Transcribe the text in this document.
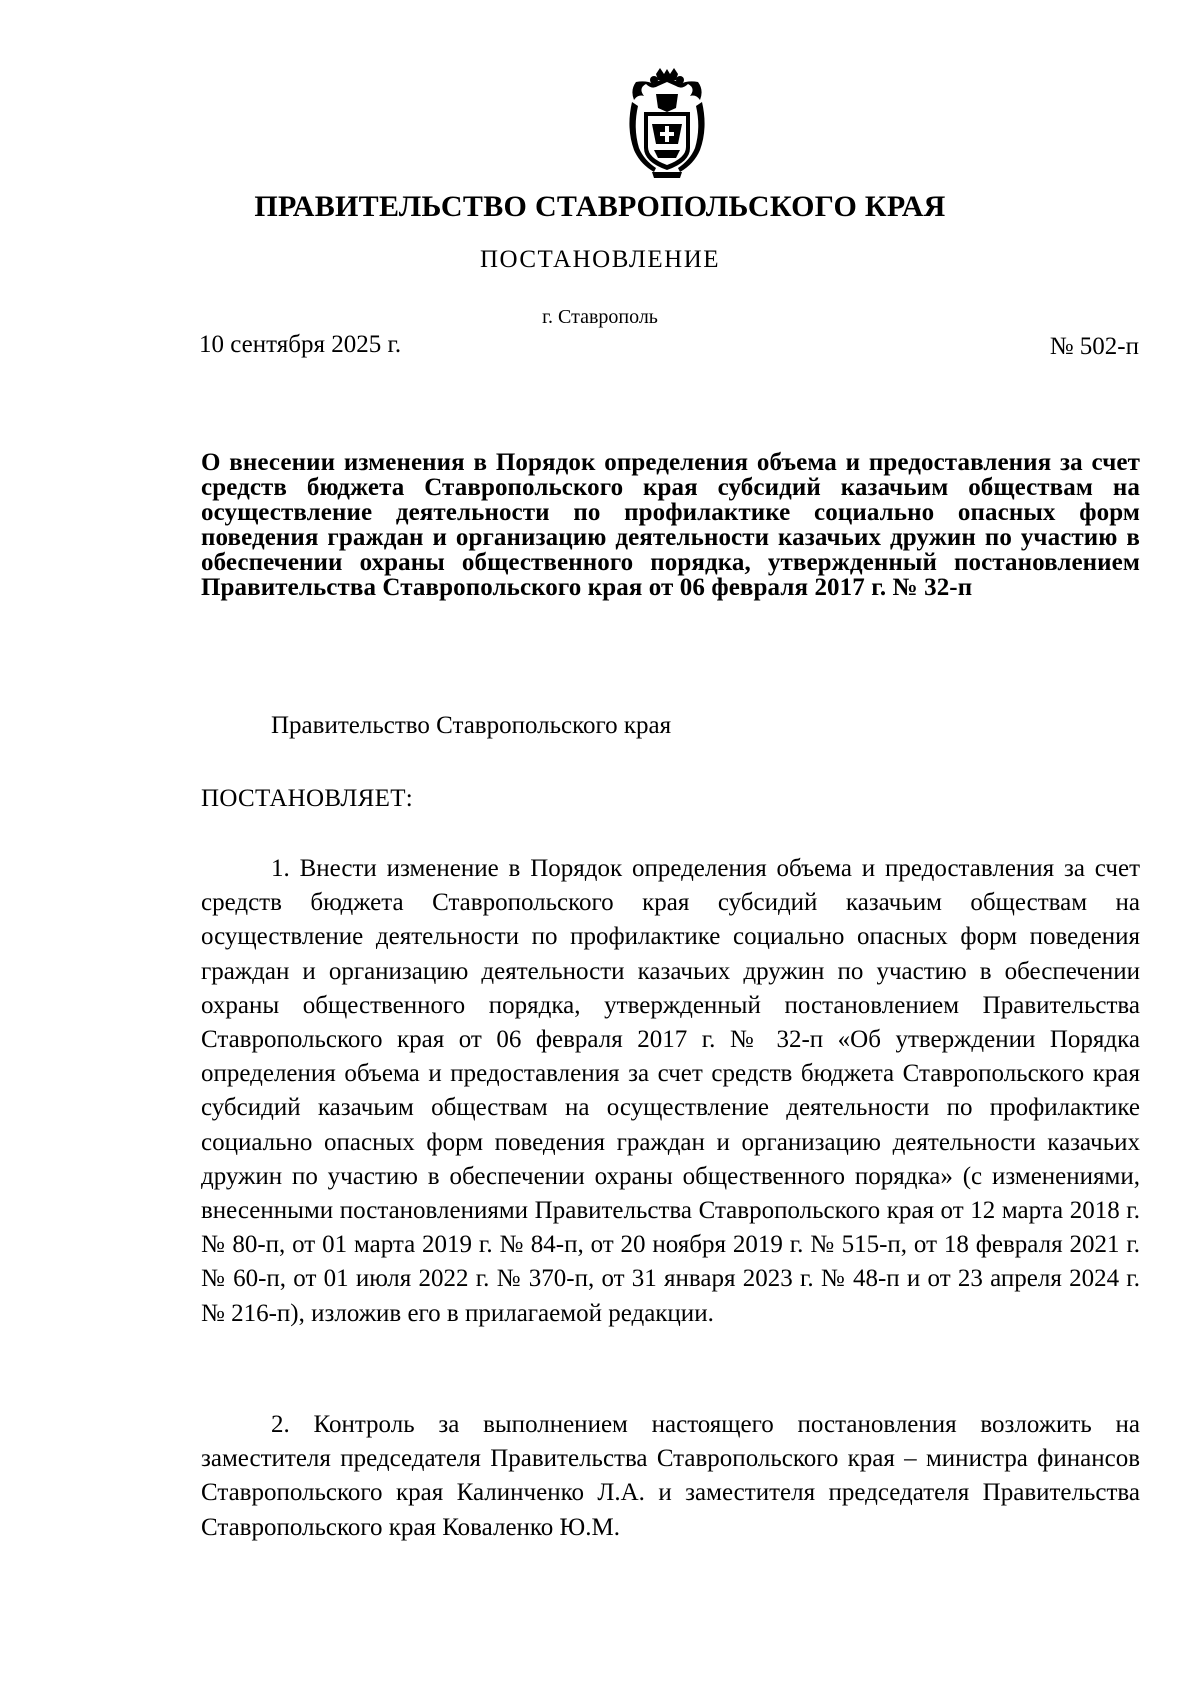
ПРАВИТЕЛЬСТВО СТАВРОПОЛЬСКОГО КРАЯ
ПОСТАНОВЛЕНИЕ
г. Ставрополь
10 сентября 2025 г.	№ 502-п
О внесении изменения в Порядок определения объема и предоставления за счет средств бюджета Ставропольского края субсидий казачьим обществам на осуществление деятельности по профилактике социально опасных форм поведения граждан и организацию деятельности казачьих дружин по участию в обеспечении охраны общественного порядка, утвержденный постановлением Правительства Ставропольского края от 06 февраля 2017 г. № 32-п
Правительство Ставропольского края
ПОСТАНОВЛЯЕТ:

1. Внести изменение в Порядок определения объема и предоставления за счет средств бюджета Ставропольского края субсидий казачьим обществам на осуществление деятельности по профилактике социально опасных форм поведения граждан и организацию деятельности казачьих дружин по участию в обеспечении охраны общественного порядка, утвержденный постановлением Правительства Ставропольского края от 06 февраля 2017 г. № 32-п «Об утверждении Порядка определения объема и предоставления за счет средств бюджета Ставропольского края субсидий казачьим обществам на осуществление деятельности по профилактике социально опасных форм поведения граждан и организацию деятельности казачьих дружин по участию в обеспечении охраны общественного порядка» (с изменениями, внесенными постановлениями Правительства Ставропольского края от 12 марта 2018 г. № 80-п, от 01 марта 2019 г. № 84-п, от 20 ноября 2019 г. № 515-п, от 18 февраля 2021 г. № 60-п, от 01 июля 2022 г. № 370-п, от 31 января 2023 г. № 48-п и от 23 апреля 2024 г. № 216-п), изложив его в прилагаемой редакции.

2. Контроль за выполнением настоящего постановления возложить на заместителя председателя Правительства Ставропольского края – министра финансов Ставропольского края Калинченко Л.А. и заместителя председателя Правительства Ставропольского края Коваленко Ю.М.
